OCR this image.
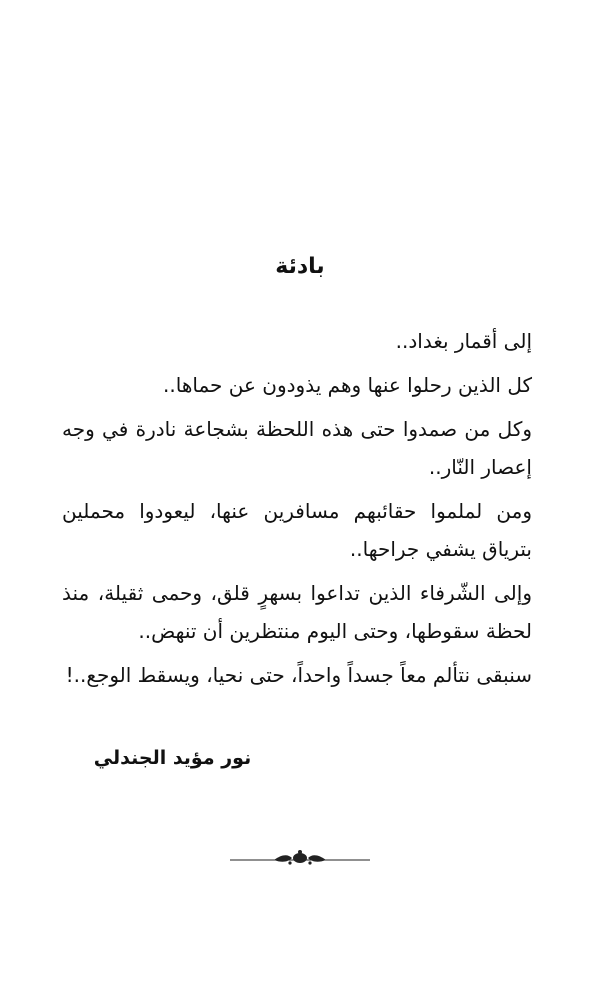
بادئة

إلى أقمار بغداد..

كل الذين رحلوا عنها وهم يذودون عن حماها..

وكل من صمدوا حتى هذه اللحظة بشجاعة نادرة في وجه إعصار النّار..

ومن لملموا حقائبهم مسافرين عنها، ليعودوا محملين بترياق يشفي جراحها..

وإلى الشّرفاء الذين تداعوا بسهرٍ قلق، وحمى ثقيلة، منذ لحظة سقوطها، وحتى اليوم منتظرين أن تنهض..

سنبقى نتألم معاً جسداً واحداً، حتى نحيا، ويسقط الوجع..!

نور مؤيد الجندلي
